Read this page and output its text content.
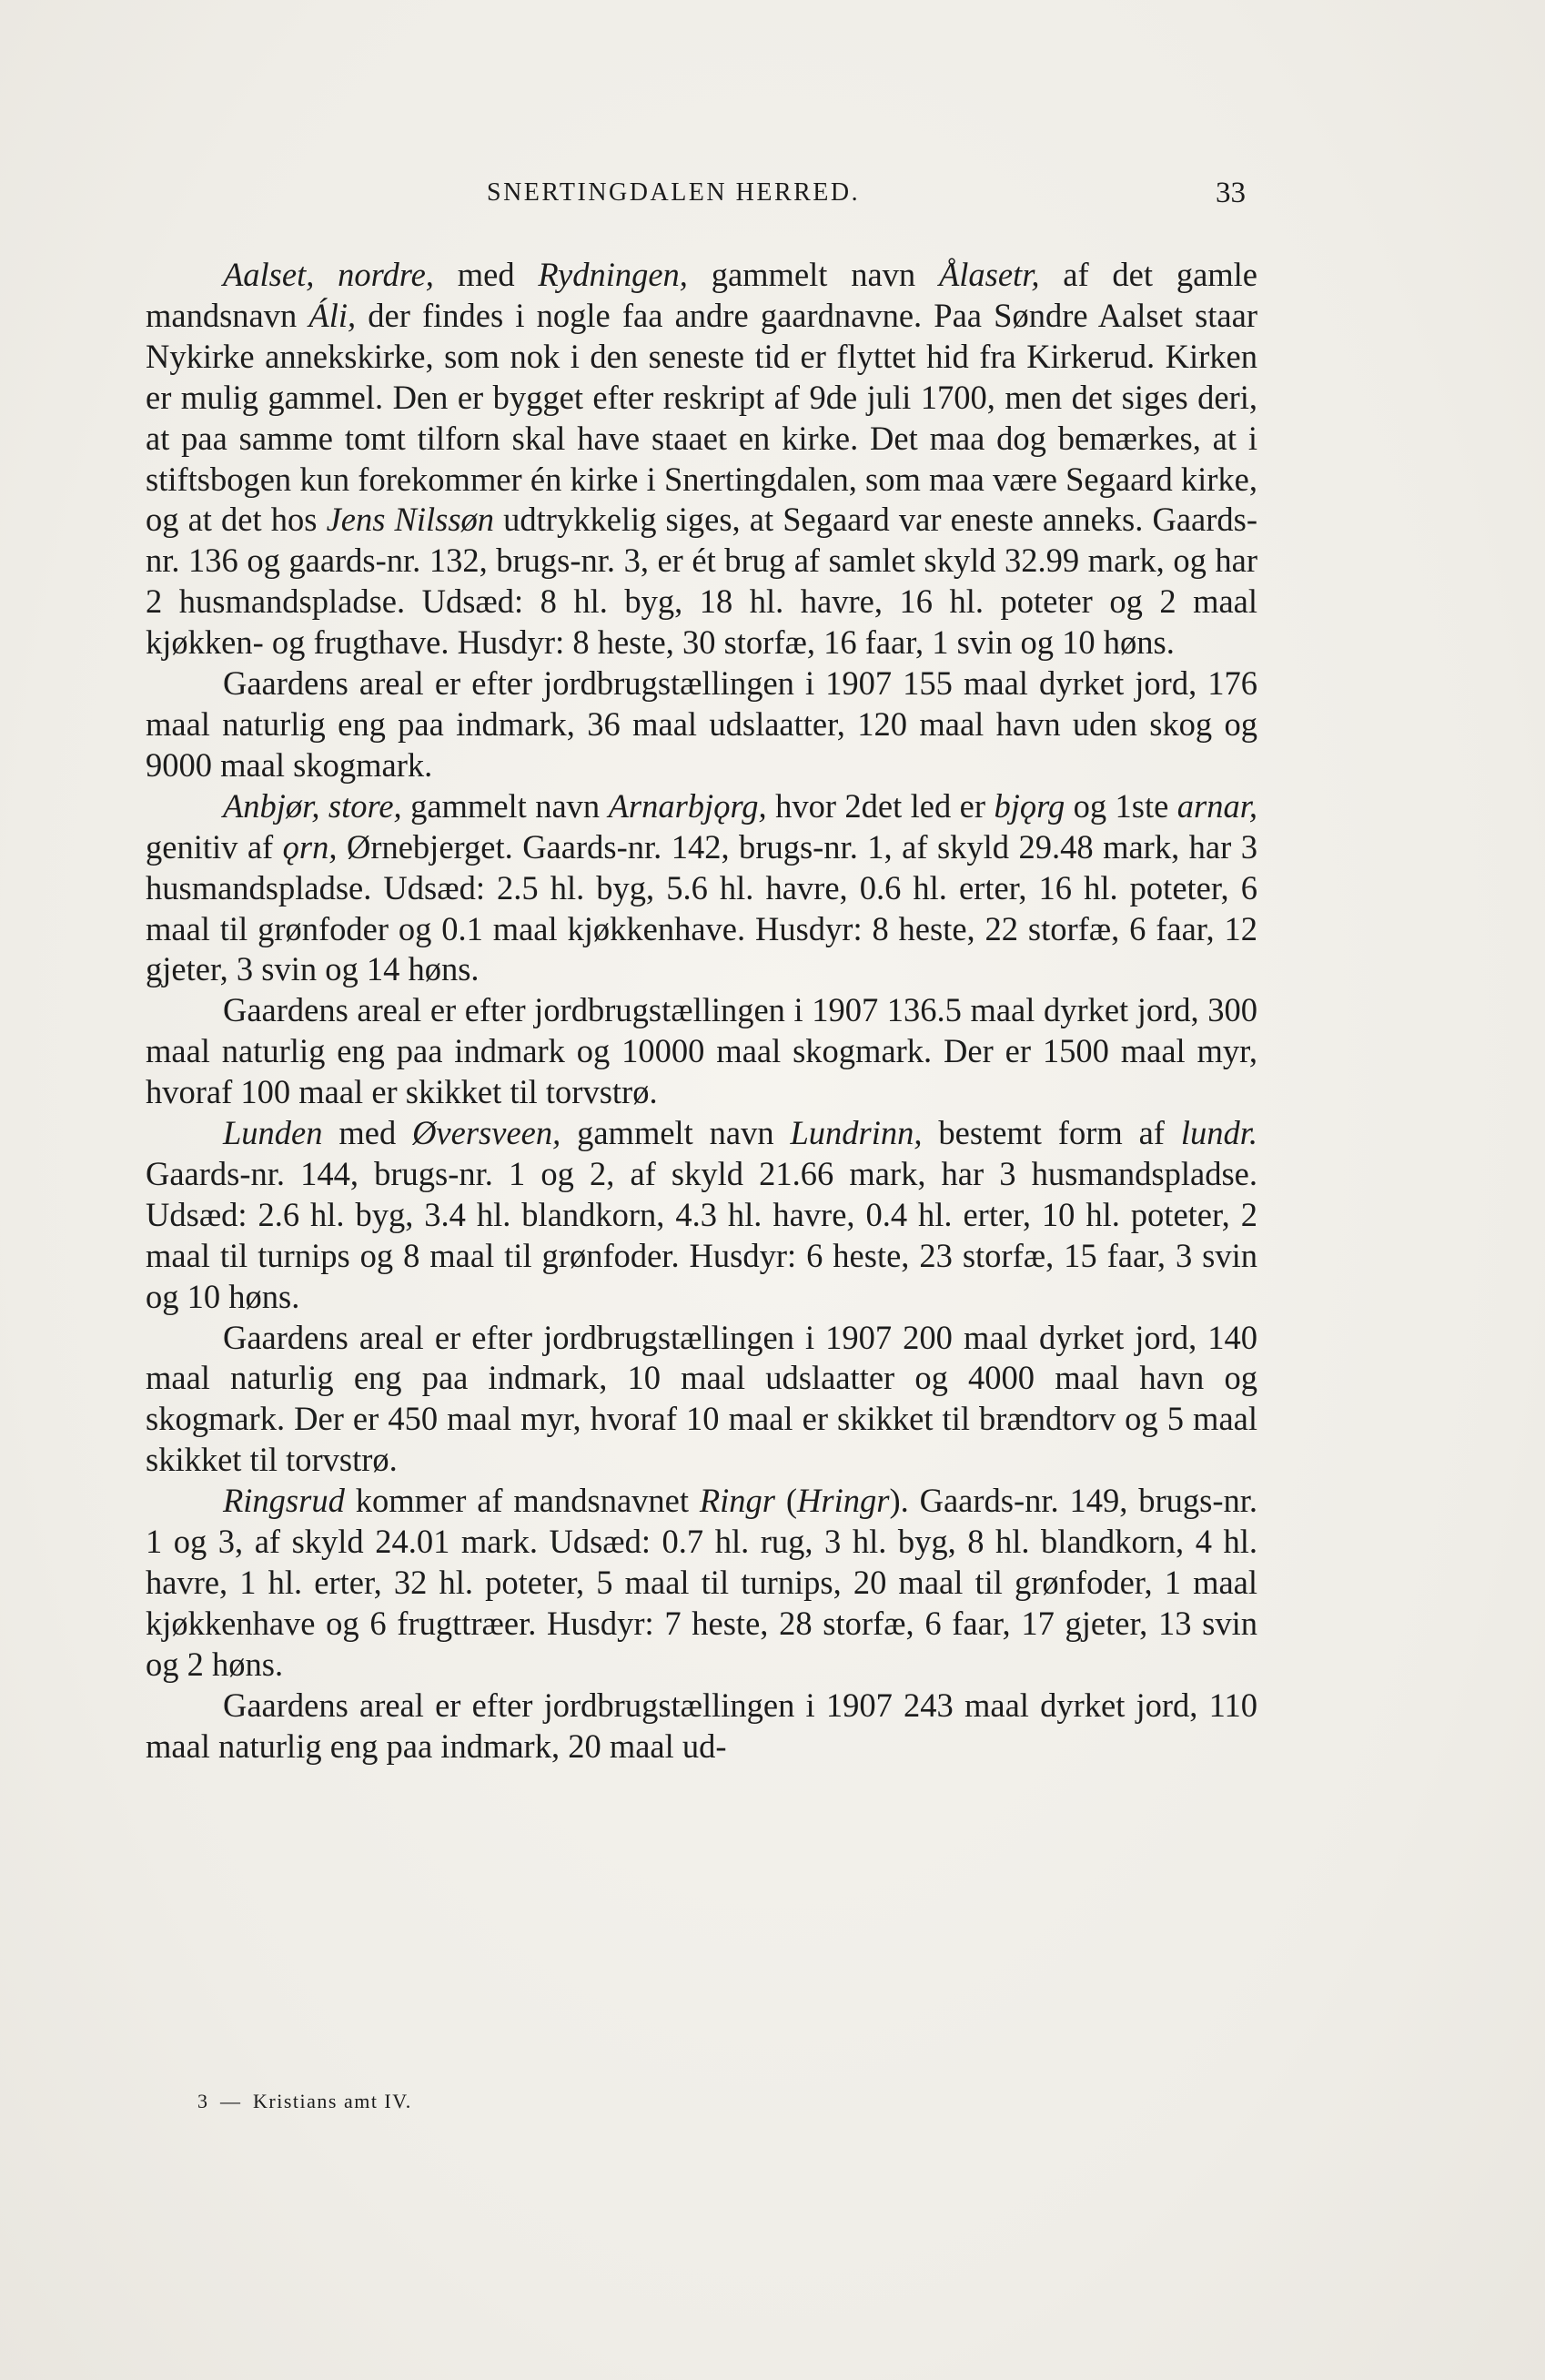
SNERTINGDALEN HERRED.	33

Aalset, nordre, med Rydningen, gammelt navn Ålasetr, af det gamle mandsnavn Áli, der findes i nogle faa andre gaardnavne. Paa Søndre Aalset staar Nykirke annekskirke, som nok i den seneste tid er flyttet hid fra Kirkerud. Kirken er mulig gammel. Den er bygget efter reskript af 9de juli 1700, men det siges deri, at paa samme tomt tilforn skal have staaet en kirke. Det maa dog bemærkes, at i stiftsbogen kun forekommer én kirke i Snertingdalen, som maa være Segaard kirke, og at det hos Jens Nilssøn udtrykkelig siges, at Segaard var eneste anneks. Gaards-nr. 136 og gaards-nr. 132, brugs-nr. 3, er ét brug af samlet skyld 32.99 mark, og har 2 husmandspladse. Udsæd: 8 hl. byg, 18 hl. havre, 16 hl. poteter og 2 maal kjøkken- og frugthave. Husdyr: 8 heste, 30 storfæ, 16 faar, 1 svin og 10 høns.

Gaardens areal er efter jordbrugstællingen i 1907 155 maal dyrket jord, 176 maal naturlig eng paa indmark, 36 maal udslaatter, 120 maal havn uden skog og 9000 maal skogmark.

Anbjør, store, gammelt navn Arnarbjǫrg, hvor 2det led er bjǫrg og 1ste arnar, genitiv af ǫrn, Ørnebjerget. Gaards-nr. 142, brugs-nr. 1, af skyld 29.48 mark, har 3 husmandspladse. Udsæd: 2.5 hl. byg, 5.6 hl. havre, 0.6 hl. erter, 16 hl. poteter, 6 maal til grønfoder og 0.1 maal kjøkkenhave. Husdyr: 8 heste, 22 storfæ, 6 faar, 12 gjeter, 3 svin og 14 høns.

Gaardens areal er efter jordbrugstællingen i 1907 136.5 maal dyrket jord, 300 maal naturlig eng paa indmark og 10000 maal skogmark. Der er 1500 maal myr, hvoraf 100 maal er skikket til torvstrø.

Lunden med Øversveen, gammelt navn Lundrinn, bestemt form af lundr. Gaards-nr. 144, brugs-nr. 1 og 2, af skyld 21.66 mark, har 3 husmandspladse. Udsæd: 2.6 hl. byg, 3.4 hl. blandkorn, 4.3 hl. havre, 0.4 hl. erter, 10 hl. poteter, 2 maal til turnips og 8 maal til grønfoder. Husdyr: 6 heste, 23 storfæ, 15 faar, 3 svin og 10 høns.

Gaardens areal er efter jordbrugstællingen i 1907 200 maal dyrket jord, 140 maal naturlig eng paa indmark, 10 maal udslaatter og 4000 maal havn og skogmark. Der er 450 maal myr, hvoraf 10 maal er skikket til brændtorv og 5 maal skikket til torvstrø.

Ringsrud kommer af mandsnavnet Ringr (Hringr). Gaards-nr. 149, brugs-nr. 1 og 3, af skyld 24.01 mark. Udsæd: 0.7 hl. rug, 3 hl. byg, 8 hl. blandkorn, 4 hl. havre, 1 hl. erter, 32 hl. poteter, 5 maal til turnips, 20 maal til grønfoder, 1 maal kjøkkenhave og 6 frugttræer. Husdyr: 7 heste, 28 storfæ, 6 faar, 17 gjeter, 13 svin og 2 høns.

Gaardens areal er efter jordbrugstællingen i 1907 243 maal dyrket jord, 110 maal naturlig eng paa indmark, 20 maal ud-

3 — Kristians amt IV.
